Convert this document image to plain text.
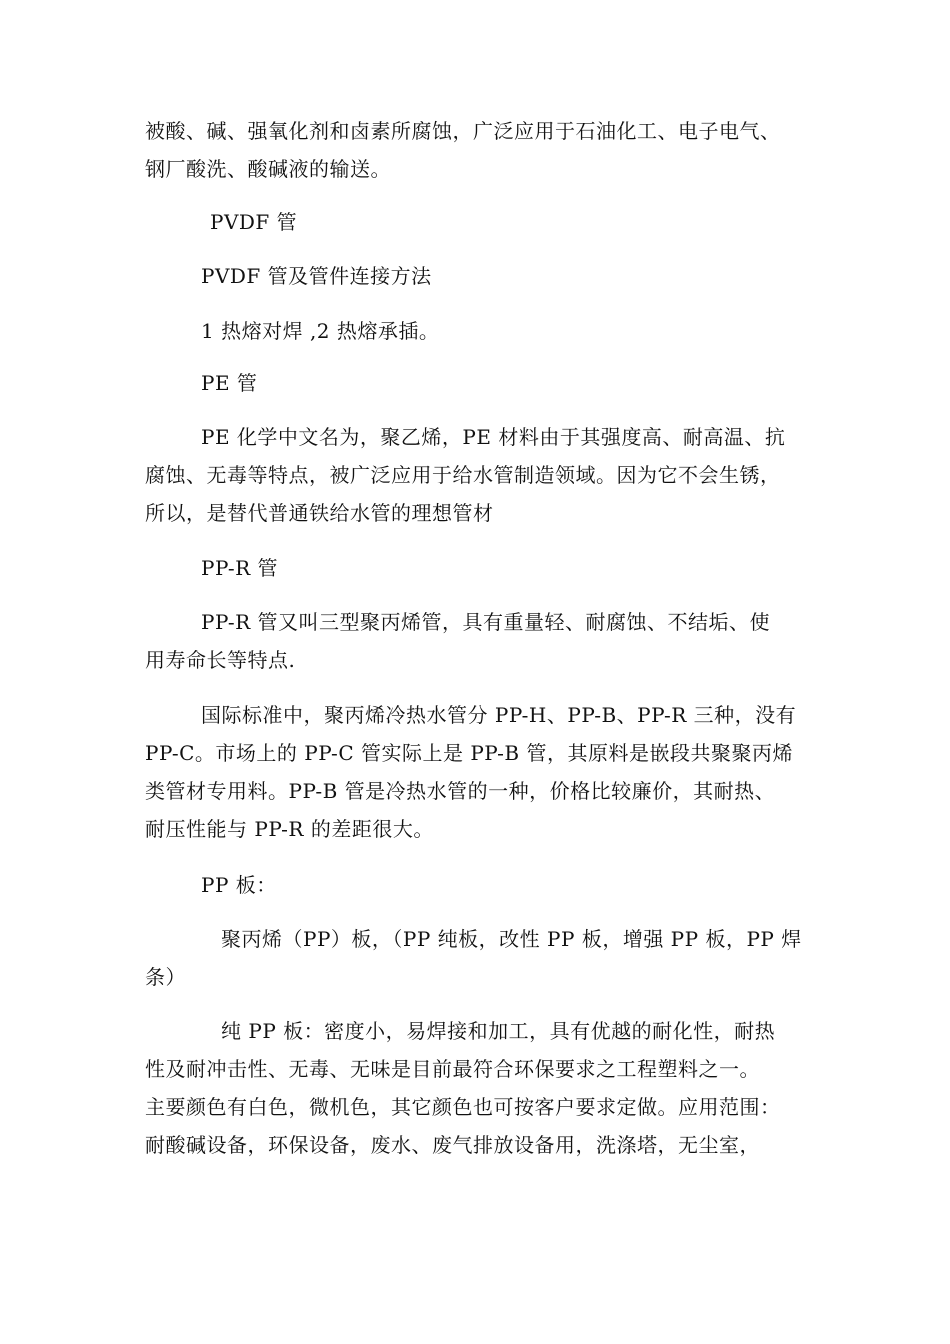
被酸、碱、强氧化剂和卤素所腐蚀，广泛应用于石油化工、电子电气、
钢厂酸洗、酸碱液的输送。

PVDF 管

PVDF 管及管件连接方法

1 热熔对焊 ,2 热熔承插。

PE 管

PE 化学中文名为，聚乙烯，PE 材料由于其强度高、耐高温、抗
腐蚀、无毒等特点，被广泛应用于给水管制造领域。因为它不会生锈，
所以，是替代普通铁给水管的理想管材

PP-R 管

PP-R 管又叫三型聚丙烯管，具有重量轻、耐腐蚀、不结垢、使
用寿命长等特点.

国际标准中，聚丙烯冷热水管分 PP-H、PP-B、PP-R 三种，没有
PP-C。市场上的 PP-C 管实际上是 PP-B 管，其原料是嵌段共聚聚丙烯
类管材专用料。PP-B 管是冷热水管的一种，价格比较廉价，其耐热、
耐压性能与 PP-R 的差距很大。

PP 板：

聚丙烯（PP）板，（PP 纯板，改性 PP 板，增强 PP 板，PP 焊
条）

纯 PP 板：密度小，易焊接和加工，具有优越的耐化性，耐热
性及耐冲击性、无毒、无味是目前最符合环保要求之工程塑料之一。
主要颜色有白色，微机色，其它颜色也可按客户要求定做。应用范围：
耐酸碱设备，环保设备，废水、废气排放设备用，洗涤塔，无尘室，
